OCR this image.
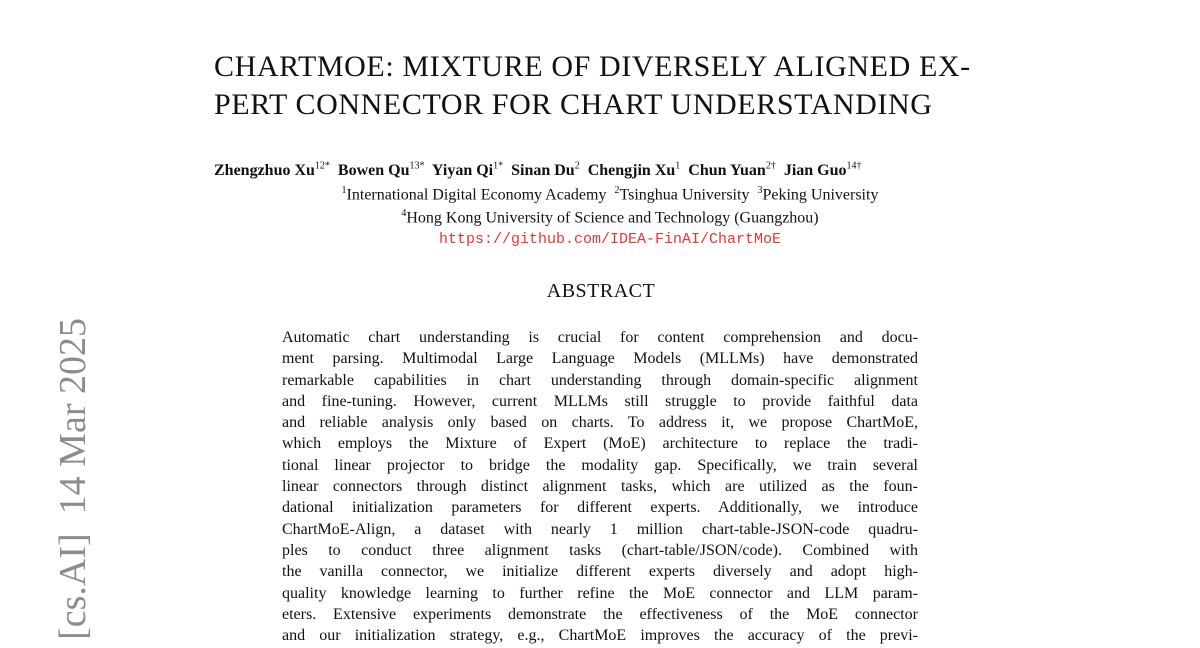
[cs.AI]  14 Mar 2025
CHARTMOE: MIXTURE OF DIVERSELY ALIGNED EX-
PERT CONNECTOR FOR CHART UNDERSTANDING
Zhengzhuo $Xu^{12*}$ Bowen $Qu^{13*}$ Yiyan $Qi^{1*}$ Sinan Du$^2$ Chengjin Xu$^1$ Chun Yuan$^{2\dagger}$ Jian Guo$^{14\dagger}$
$^1$International Digital Economy Academy $^2$Tsinghua University $^3$Peking University
$^4$Hong Kong University of Science and Technology (Guangzhou)
https://github.com/IDEA-FinAI/ChartMoE
ABSTRACT
Automatic chart understanding is crucial for content comprehension and docu-
ment parsing. Multimodal Large Language Models (MLLMs) have demonstrated
remarkable capabilities in chart understanding through domain-specific alignment
and fine-tuning. However, current MLLMs still struggle to provide faithful data
and reliable analysis only based on charts. To address it, we propose ChartMoE,
which employs the Mixture of Expert (MoE) architecture to replace the tradi-
tional linear projector to bridge the modality gap. Specifically, we train several
linear connectors through distinct alignment tasks, which are utilized as the foun-
dational initialization parameters for different experts. Additionally, we introduce
ChartMoE-Align, a dataset with nearly 1 million chart-table-JSON-code quadru-
ples to conduct three alignment tasks (chart-table/JSON/code). Combined with
the vanilla connector, we initialize different experts diversely and adopt high-
quality knowledge learning to further refine the MoE connector and LLM param-
eters. Extensive experiments demonstrate the effectiveness of the MoE connector
and our initialization strategy, e.g., ChartMoE improves the accuracy of the previ-
